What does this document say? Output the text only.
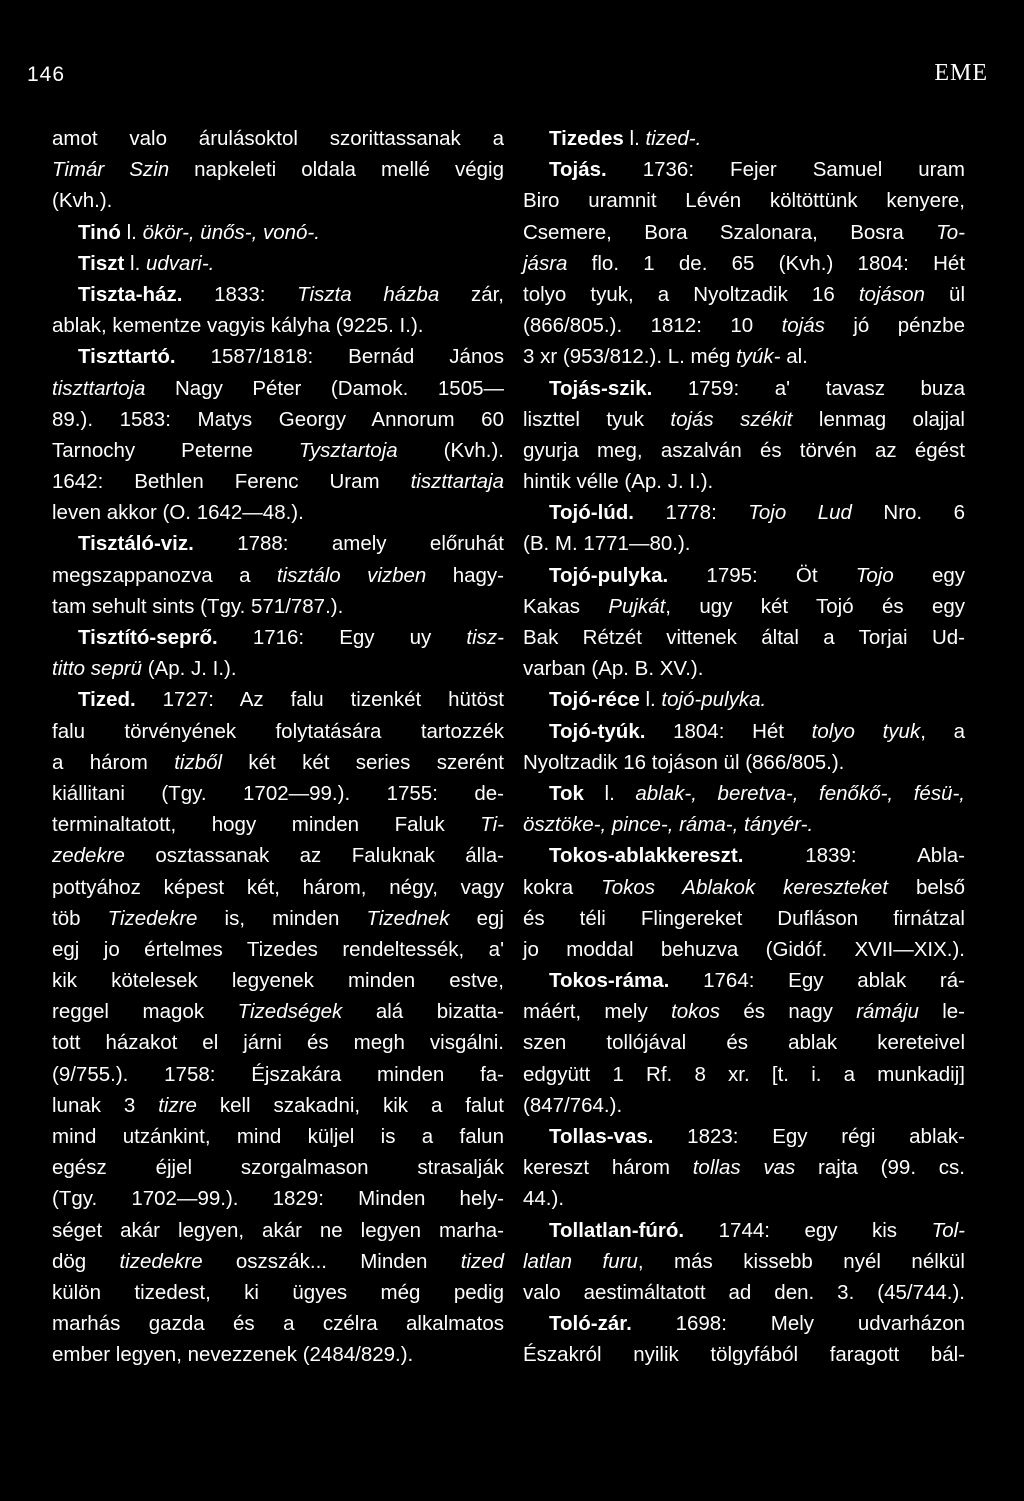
146	EME
amot valo árulásoktol szorittassanak a
Timár Szin napkeleti oldala mellé végig
(Kvh.).
Tinó l. ökör-, ünős-, vonó-.
Tiszt l. udvari-.
Tiszta-ház. 1833: Tiszta házba zár,
ablak, kementze vagyis kályha (9225. I.).
Tiszttartó. 1587/1818: Bernád János
tiszttartoja Nagy Péter (Damok. 1505—
89.). 1583: Matys Georgy Annorum 60
Tarnochy Peterne Tysztartoja (Kvh.).
1642: Bethlen Ferenc Uram tiszttartaja
leven akkor (O. 1642—48.).
Tisztáló-viz. 1788: amely előruhát
megszappanozva a tisztálo vizben hagy-
tam sehult sints (Tgy. 571/787.).
Tisztító-seprő. 1716: Egy uy tisz-
titto seprü (Ap. J. I.).
Tized. 1727: Az falu tizenkét hütöst
falu törvényének folytatására tartozzék
a három tizből két két series szerént
kiállitani (Tgy. 1702—99.). 1755: de-
terminaltatott, hogy minden Faluk Ti-
zedekre osztassanak az Faluknak álla-
pottyához képest két, három, négy, vagy
töb Tizedekre is, minden Tizednek egj
egj jo értelmes Tizedes rendeltessék, a'
kik kötelesek legyenek minden estve,
reggel magok Tizedségek alá bizatta-
tott házakot el járni és megh visgálni.
(9/755.). 1758: Éjszakára minden fa-
lunak 3 tizre kell szakadni, kik a falut
mind utzánkint, mind küljel is a falun
egész éjjel szorgalmason strasalják
(Tgy. 1702—99.). 1829: Minden hely-
séget akár legyen, akár ne legyen marha-
dög tizedekre oszszák... Minden tized
külön tizedest, ki ügyes még pedig
marhás gazda és a czélra alkalmatos
ember legyen, nevezzenek (2484/829.).
Tizedes l. tized-.
Tojás. 1736: Fejer Samuel uram
Biro uramnit Lévén költöttünk kenyere,
Csemere, Bora Szalonara, Bosra To-
jásra flo. 1 de. 65 (Kvh.) 1804: Hét
tolyo tyuk, a Nyoltzadik 16 tojáson ül
(866/805.). 1812: 10 tojás jó pénzbe
3 xr (953/812.). L. még tyúk- al.
Tojás-szik. 1759: a' tavasz buza
liszttel tyuk tojás székit lenmag olajjal
gyurja meg, aszalván és törvén az égést
hintik vélle (Ap. J. I.).
Tojó-lúd. 1778: Tojo Lud Nro. 6
(B. M. 1771—80.).
Tojó-pulyka. 1795: Öt Tojo egy
Kakas Pujkát, ugy két Tojó és egy
Bak Rétzét vittenek által a Torjai Ud-
varban (Ap. B. XV.).
Tojó-réce l. tojó-pulyka.
Tojó-tyúk. 1804: Hét tolyo tyuk, a
Nyoltzadik 16 tojáson ül (866/805.).
Tok l. ablak-, beretva-, fenőkő-, fésü-,
ösztöke-, pince-, ráma-, tányér-.
Tokos-ablakkereszt. 1839: Abla-
kokra Tokos Ablakok kereszteket belső
és téli Flingereket Dufláson firnátzal
jo moddal behuzva (Gidóf. XVII—XIX.).
Tokos-ráma. 1764: Egy ablak rá-
máért, mely tokos és nagy rámáju le-
szen tollójával és ablak kereteivel
edgyütt 1 Rf. 8 xr. [t. i. a munkadij]
(847/764.).
Tollas-vas. 1823: Egy régi ablak-
kereszt három tollas vas rajta (99. cs.
44.).
Tollatlan-fúró. 1744: egy kis Tol-
latlan furu, más kissebb nyél nélkül
valo aestimáltatott ad den. 3. (45/744.).
Toló-zár. 1698: Mely udvarházon
Északról nyilik tölgyfából faragott bál-
